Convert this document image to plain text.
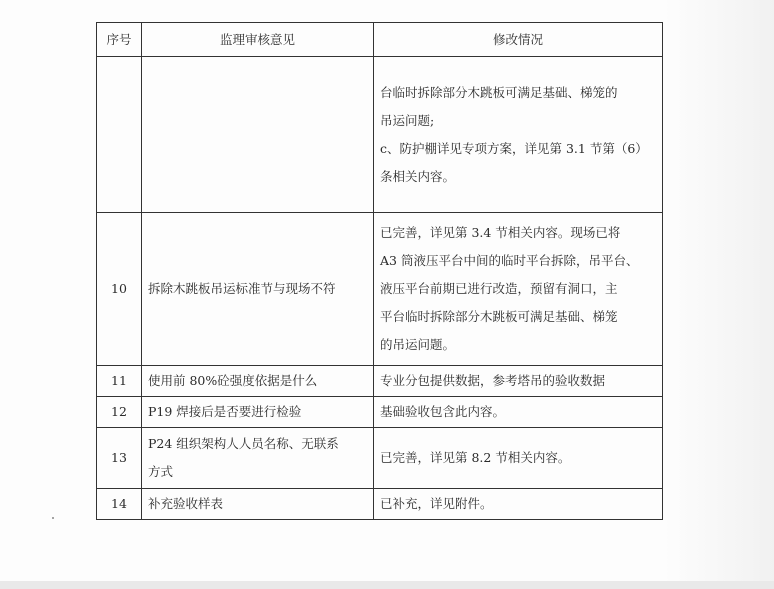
序号	监理审核意见	修改情况

		台临时拆除部分木跳板可满足基础、梯笼的
吊运问题;
c、防护棚详见专项方案，详见第 3.1 节第（6）
条相关内容。

10	拆除木跳板吊运标准节与现场不符	已完善，详见第 3.4 节相关内容。现场已将
A3 筒液压平台中间的临时平台拆除，吊平台、
液压平台前期已进行改造，预留有洞口，主
平台临时拆除部分木跳板可满足基础、梯笼
的吊运问题。

11	使用前 80%砼强度依据是什么	专业分包提供数据，参考塔吊的验收数据
12	P19 焊接后是否要进行检验	基础验收包含此内容。
13	P24 组织架构人人员名称、无联系
方式	已完善，详见第 8.2 节相关内容。
14	补充验收样表	已补充，详见附件。
